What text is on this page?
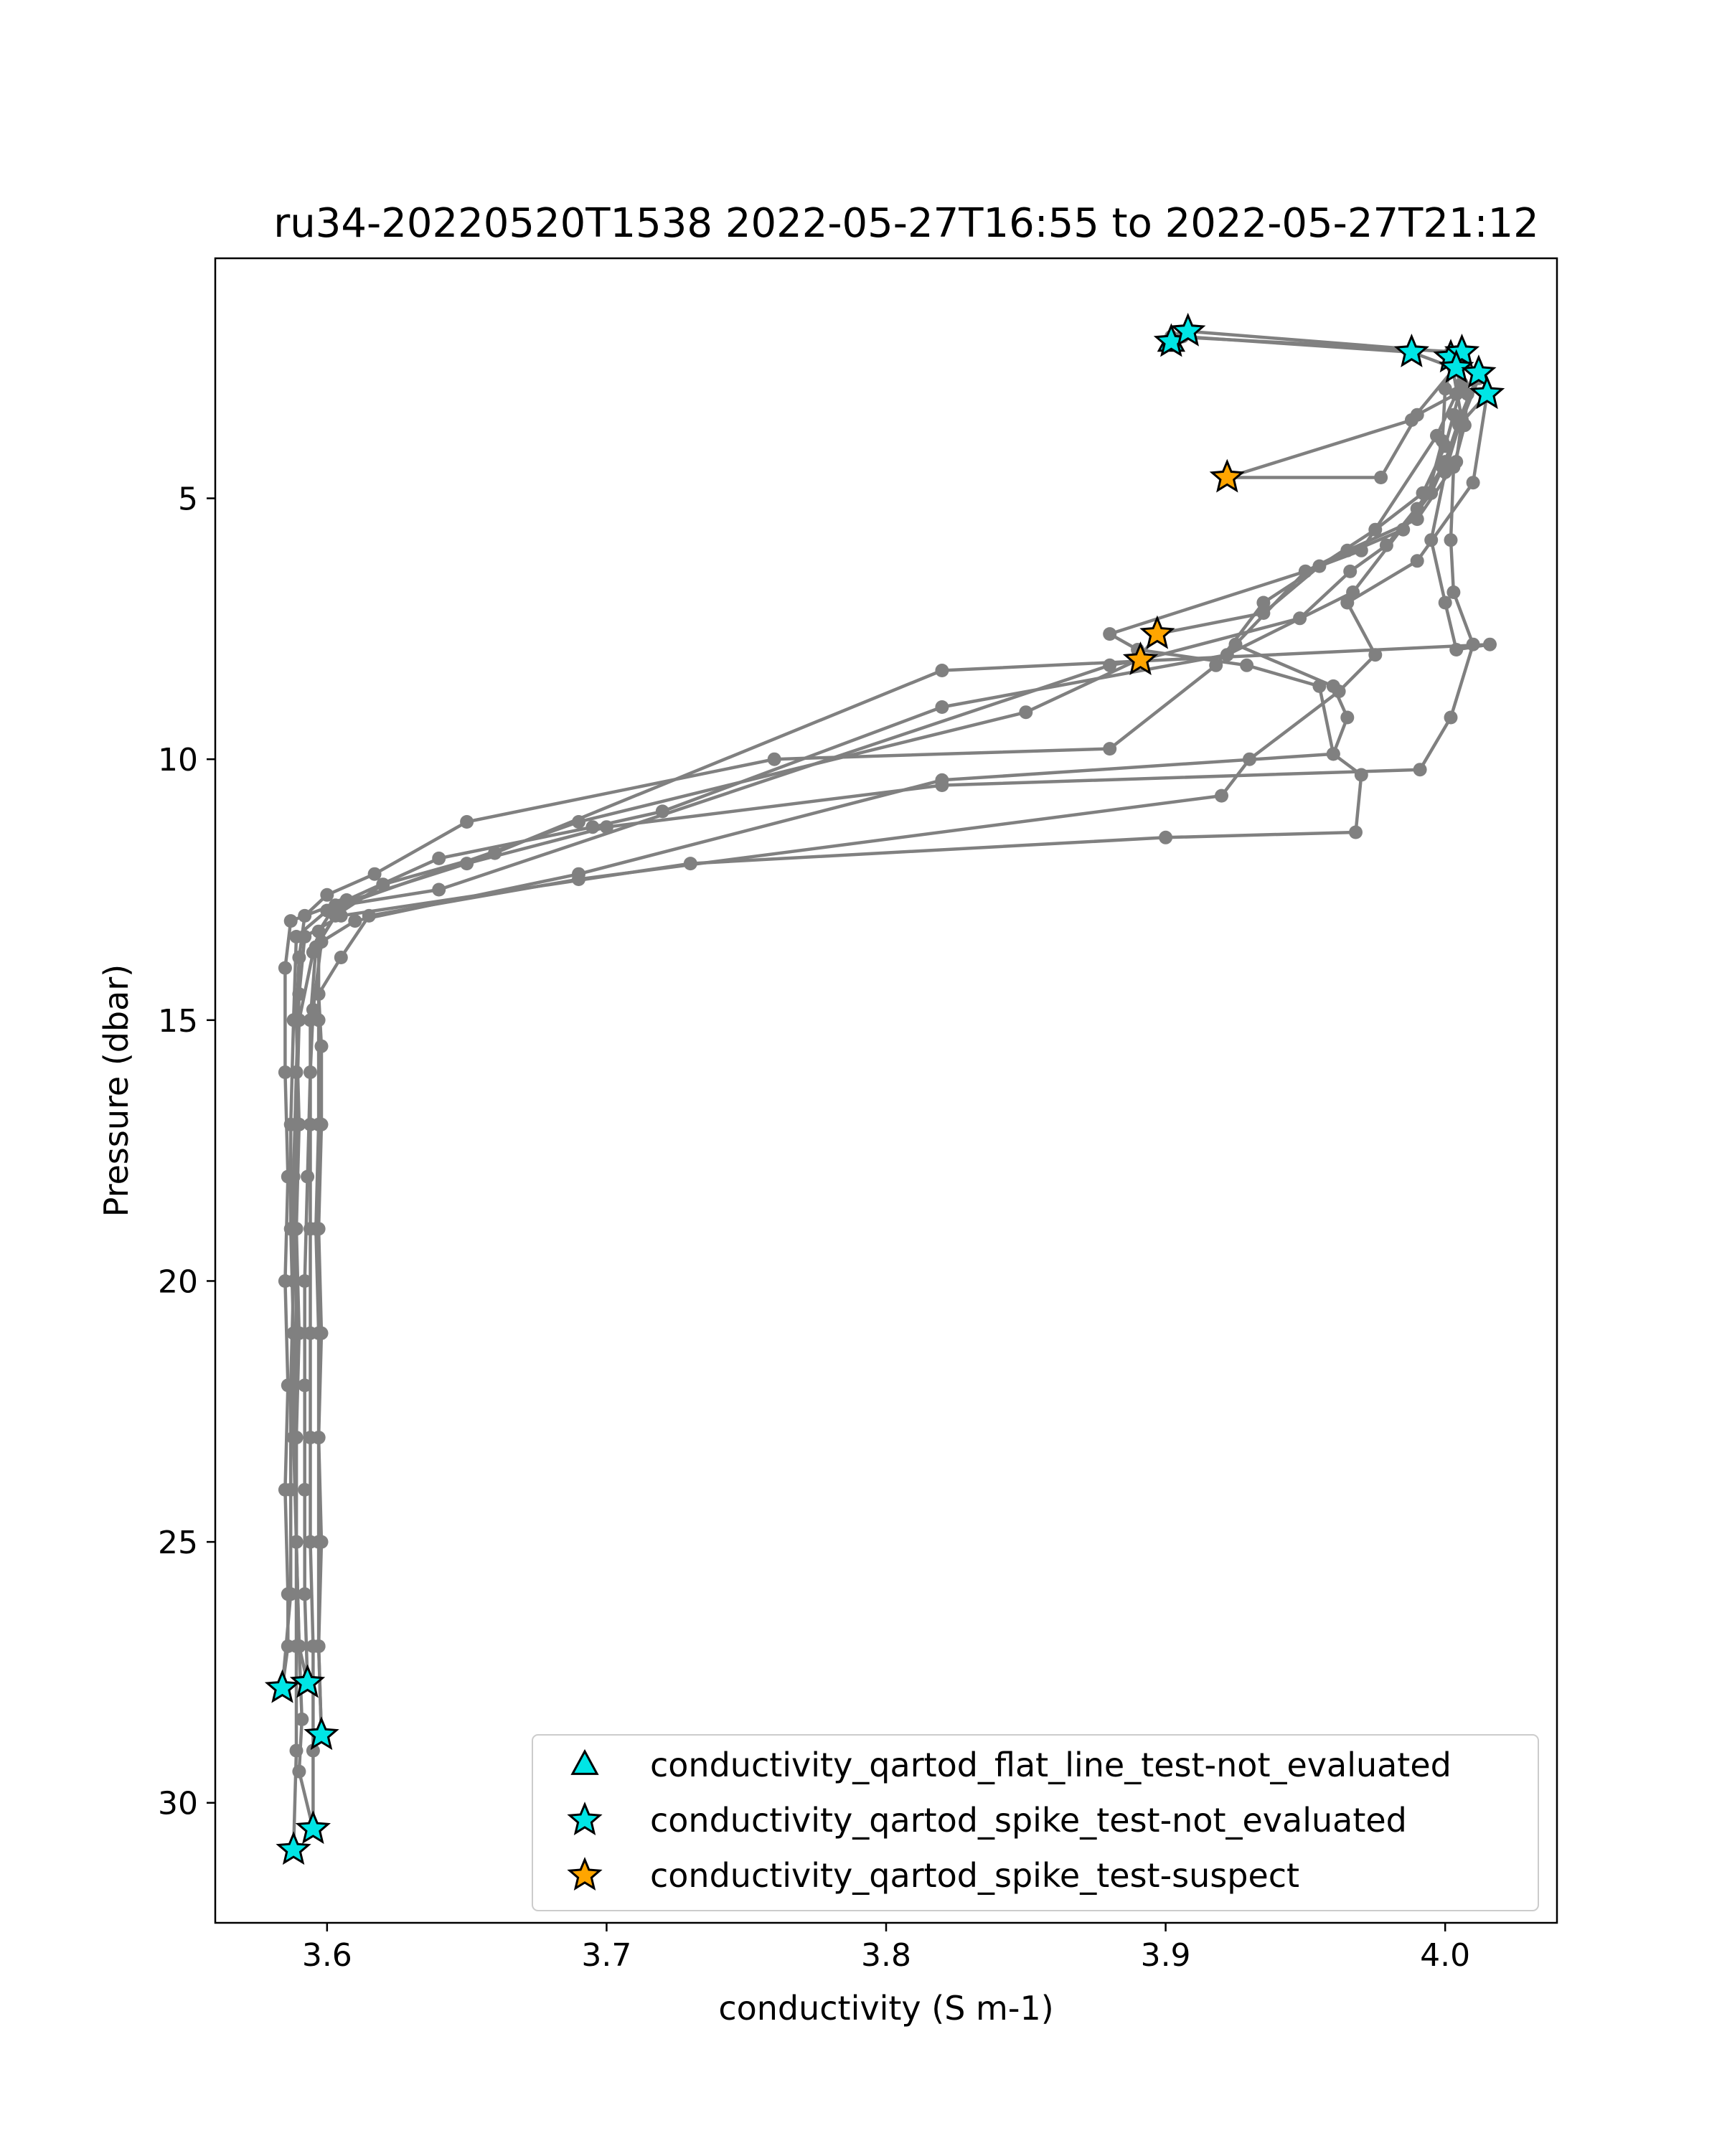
ru34-20220520T1538 2022-05-27T16:55 to 2022-05-27T21:12
3.6	3.7	3.8	3.9	4.0
5
10
15
20
25
30
conductivity (S m-1)
Pressure (dbar)
conductivity_qartod_flat_line_test-not_evaluated
conductivity_qartod_spike_test-not_evaluated
conductivity_qartod_spike_test-suspect
